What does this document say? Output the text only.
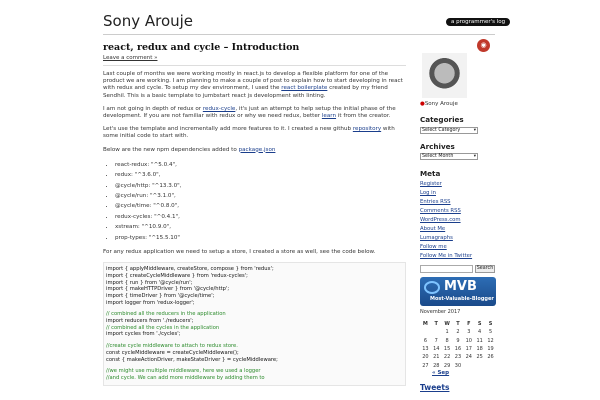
Sony Arouje	a programmer's log
react, redux and cycle – Introduction
Leave a comment »

Last couple of months we were working mostly in react.js to develop a flexible platform for one of the product we are working. I am planning to make a couple of post to explain how to start developing in react with redux and cycle. To setup my dev environment, I used the react boilerplate created by my friend Sendhil. This is a basic template to jumbstart react js development with linting.

I am not going in depth of redux or redux-cycle, it's just an attempt to help setup the initial phase of the development. If you are not familiar with redux or why we need redux, better learn it from the creator.

Let's use the template and incrementally add more features to it. I created a new github repository with some initial code to start with.

Below are the new npm dependencies added to package.json

• react-redux: "^5.0.4",
• redux: "^3.6.0",
• @cycle/http: "^13.3.0",
• @cycle/run: "^3.1.0",
• @cycle/time: "^0.8.0",
• redux-cycles: "^0.4.1",
• xstream: "^10.9.0",
• prop-types: "^15.5.10"

For any redux application we need to setup a store, I created a store as well, see the code below.

import { applyMiddleware, createStore, compose } from 'redux';
import { createCycleMiddleware } from 'redux-cycles';
import { run } from '@cycle/run';
import { makeHTTPDriver } from '@cycle/http';
import { timeDriver } from '@cycle/time';
import logger from 'redux-logger';
// combined all the reducers in the application
import reducers from './reducers';
// combined all the cycles in the application
import cycles from './cycles';
//create cycle middleware to attach to redux store.
const cycleMiddleware = createCycleMiddleware();
const { makeActionDriver, makeStateDriver } = cycleMiddleware;
//we might use multiple middleware, here we used a logger
//and cycle. We can add more middleware by adding them to
◉
●Sony Arouje
Categories
Select Category ▾
Archives
Select Month ▾
Meta
Register
Log in
Entries RSS
Comments RSS
WordPress.com
About Me
Lumagraphs
Follow me
Follow Me in Twitter
Search
MVB
Most-Valuable-Blogger
November 2017
M	T	W	T	F	S	S
		1	2	3	4	5
6	7	8	9	10	11	12
13	14	15	16	17	18	19
20	21	22	23	24	25	26
27	28	29	30			
« Sep
Tweets
